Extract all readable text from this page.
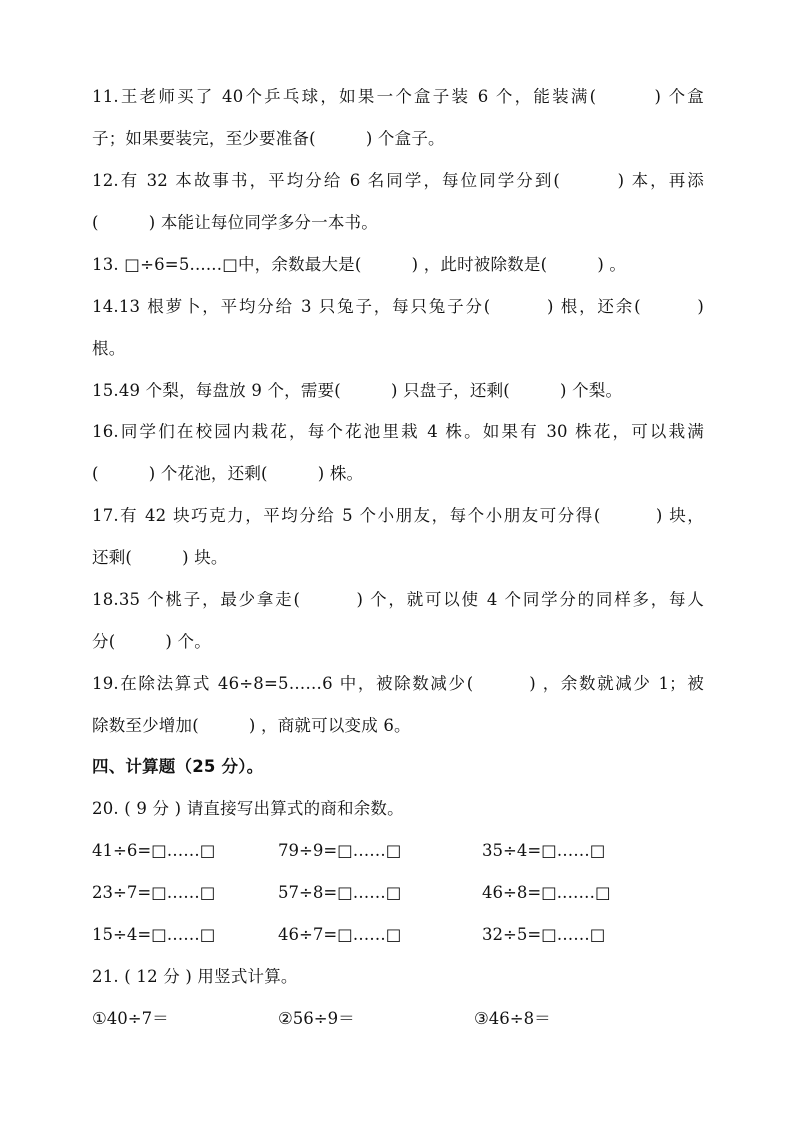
11.王老师买了 40个乒乓球，如果一个盒子装 6 个，能装满(　　　) 个盒
子；如果要装完，至少要准备(　　　) 个盒子。
12.有 32 本故事书，平均分给 6 名同学，每位同学分到(　　　) 本，再添
(　　　) 本能让每位同学多分一本书。
13. □÷6=5......□中，余数最大是(　　　) ，此时被除数是(　　　) 。
14.13 根萝卜，平均分给 3 只兔子，每只兔子分(　　　) 根，还余(　　　)
根。
15.49 个梨，每盘放 9 个，需要(　　　) 只盘子，还剩(　　　) 个梨。
16.同学们在校园内栽花，每个花池里栽 4 株。如果有 30 株花，可以栽满
(　　　) 个花池，还剩(　　　) 株。
17.有 42 块巧克力，平均分给 5 个小朋友，每个小朋友可分得(　　　) 块，
还剩(　　　) 块。
18.35 个桃子，最少拿走(　　　) 个，就可以使 4 个同学分的同样多，每人
分(　　　) 个。
19.在除法算式 46÷8=5……6 中，被除数减少(　　　) ，余数就减少 1；被
除数至少增加(　　　) ，商就可以变成 6。
四、计算题（25 分）。
20. ( 9 分 ) 请直接写出算式的商和余数。
41÷6=□……□	79÷9=□……□	35÷4=□……□
23÷7=□……□	57÷8=□……□	46÷8=□.……□
15÷4=□……□	46÷7=□……□	32÷5=□……□
21. ( 12 分 ) 用竖式计算。
①40÷7＝	②56÷9＝	③46÷8＝
